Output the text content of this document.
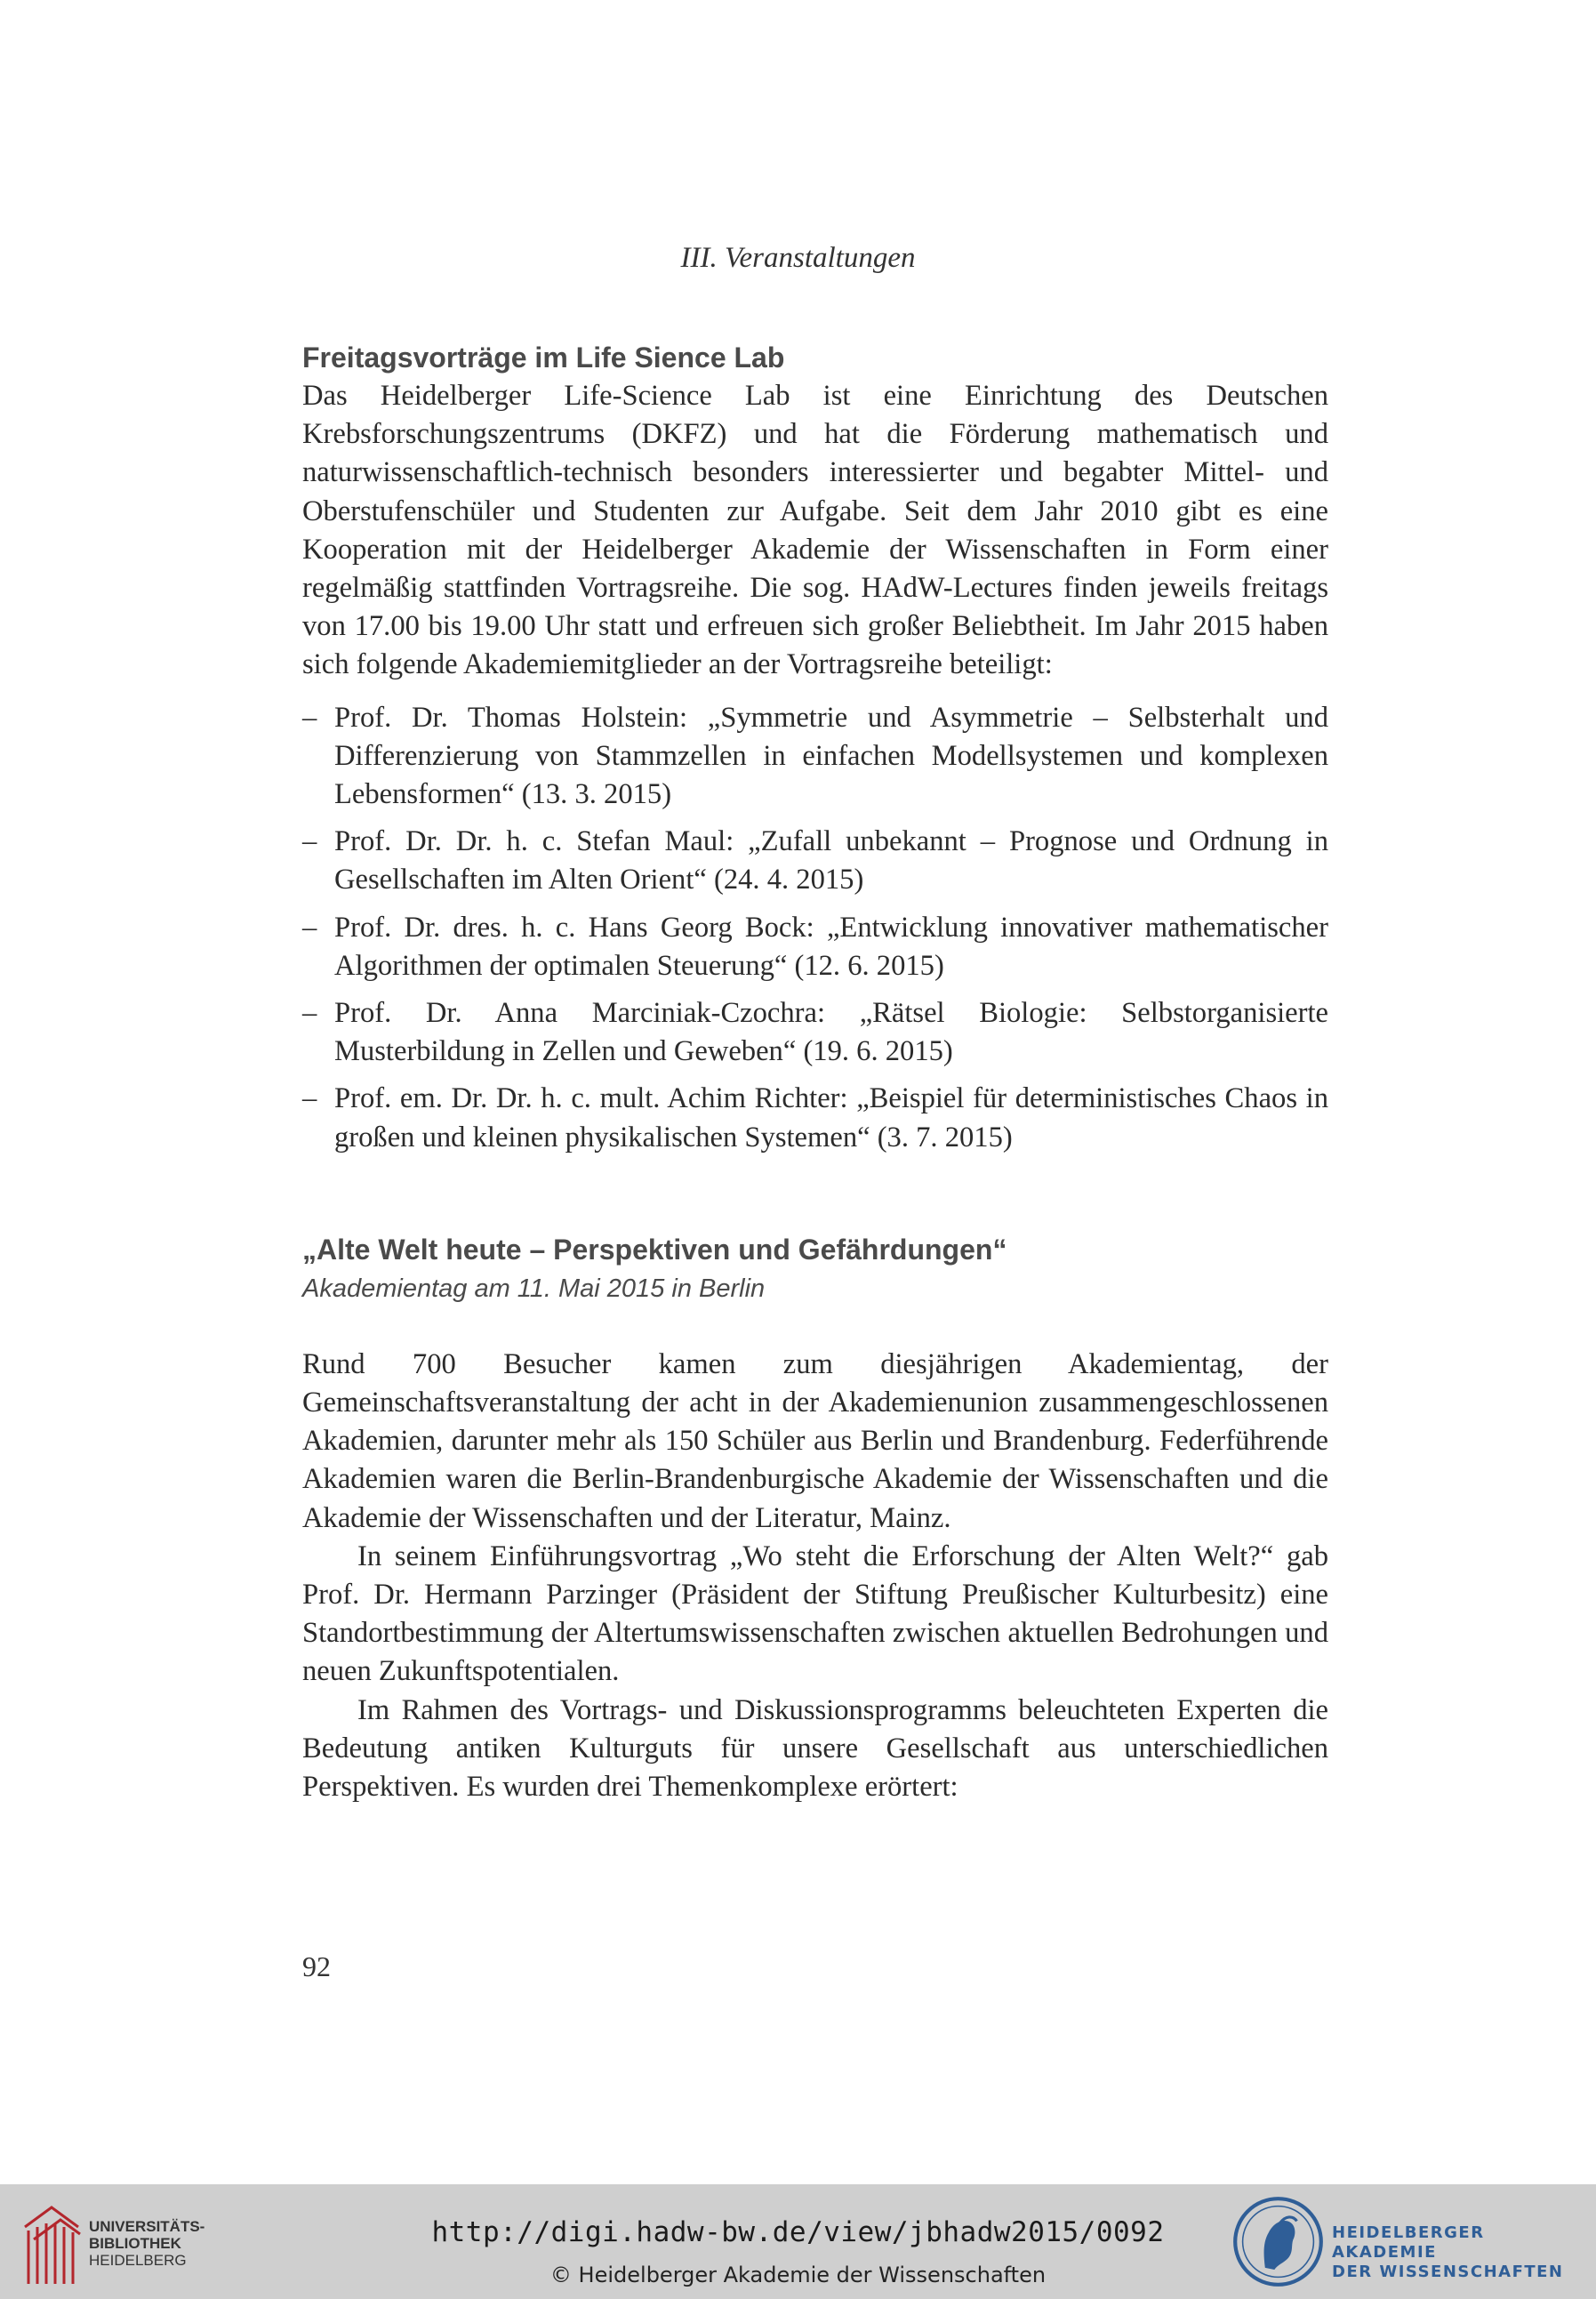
III. Veranstaltungen
Freitagsvorträge im Life Sience Lab

Das Heidelberger Life-Science Lab ist eine Einrichtung des Deutschen Krebsforschungszentrums (DKFZ) und hat die Förderung mathematisch und naturwissenschaftlich-technisch besonders interessierter und begabter Mittel- und Oberstufenschüler und Studenten zur Aufgabe. Seit dem Jahr 2010 gibt es eine Kooperation mit der Heidelberger Akademie der Wissenschaften in Form einer regelmäßig stattfinden Vortragsreihe. Die sog. HAdW-Lectures finden jeweils freitags von 17.00 bis 19.00 Uhr statt und erfreuen sich großer Beliebtheit. Im Jahr 2015 haben sich folgende Akademiemitglieder an der Vortragsreihe beteiligt:

– Prof. Dr. Thomas Holstein: „Symmetrie und Asymmetrie – Selbsterhalt und Differenzierung von Stammzellen in einfachen Modellsystemen und komplexen Lebensformen“ (13. 3. 2015)
– Prof. Dr. Dr. h. c. Stefan Maul: „Zufall unbekannt – Prognose und Ordnung in Gesellschaften im Alten Orient“ (24. 4. 2015)
– Prof. Dr. dres. h. c. Hans Georg Bock: „Entwicklung innovativer mathematischer Algorithmen der optimalen Steuerung“ (12. 6. 2015)
– Prof. Dr. Anna Marciniak-Czochra: „Rätsel Biologie: Selbstorganisierte Musterbildung in Zellen und Geweben“ (19. 6. 2015)
– Prof. em. Dr. Dr. h. c. mult. Achim Richter: „Beispiel für deterministisches Chaos in großen und kleinen physikalischen Systemen“ (3. 7. 2015)
„Alte Welt heute – Perspektiven und Gefährdungen“

Akademientag am 11. Mai 2015 in Berlin

Rund 700 Besucher kamen zum diesjährigen Akademientag, der Gemeinschaftsveranstaltung der acht in der Akademienunion zusammengeschlossenen Akademien, darunter mehr als 150 Schüler aus Berlin und Brandenburg. Federführende Akademien waren die Berlin-Brandenburgische Akademie der Wissenschaften und die Akademie der Wissenschaften und der Literatur, Mainz.

In seinem Einführungsvortrag „Wo steht die Erforschung der Alten Welt?“ gab Prof. Dr. Hermann Parzinger (Präsident der Stiftung Preußischer Kulturbesitz) eine Standortbestimmung der Altertumswissenschaften zwischen aktuellen Bedrohungen und neuen Zukunftspotentialen.

Im Rahmen des Vortrags- und Diskussionsprogramms beleuchteten Experten die Bedeutung antiken Kulturguts für unsere Gesellschaft aus unterschiedlichen Perspektiven. Es wurden drei Themenkomplexe erörtert:

92
UNIVERSITÄTS-
BIBLIOTHEK
HEIDELBERG
http://digi.hadw-bw.de/view/jbhadw2015/0092
© Heidelberger Akademie der Wissenschaften
HEIDELBERGER AKADEMIE
DER WISSENSCHAFTEN
